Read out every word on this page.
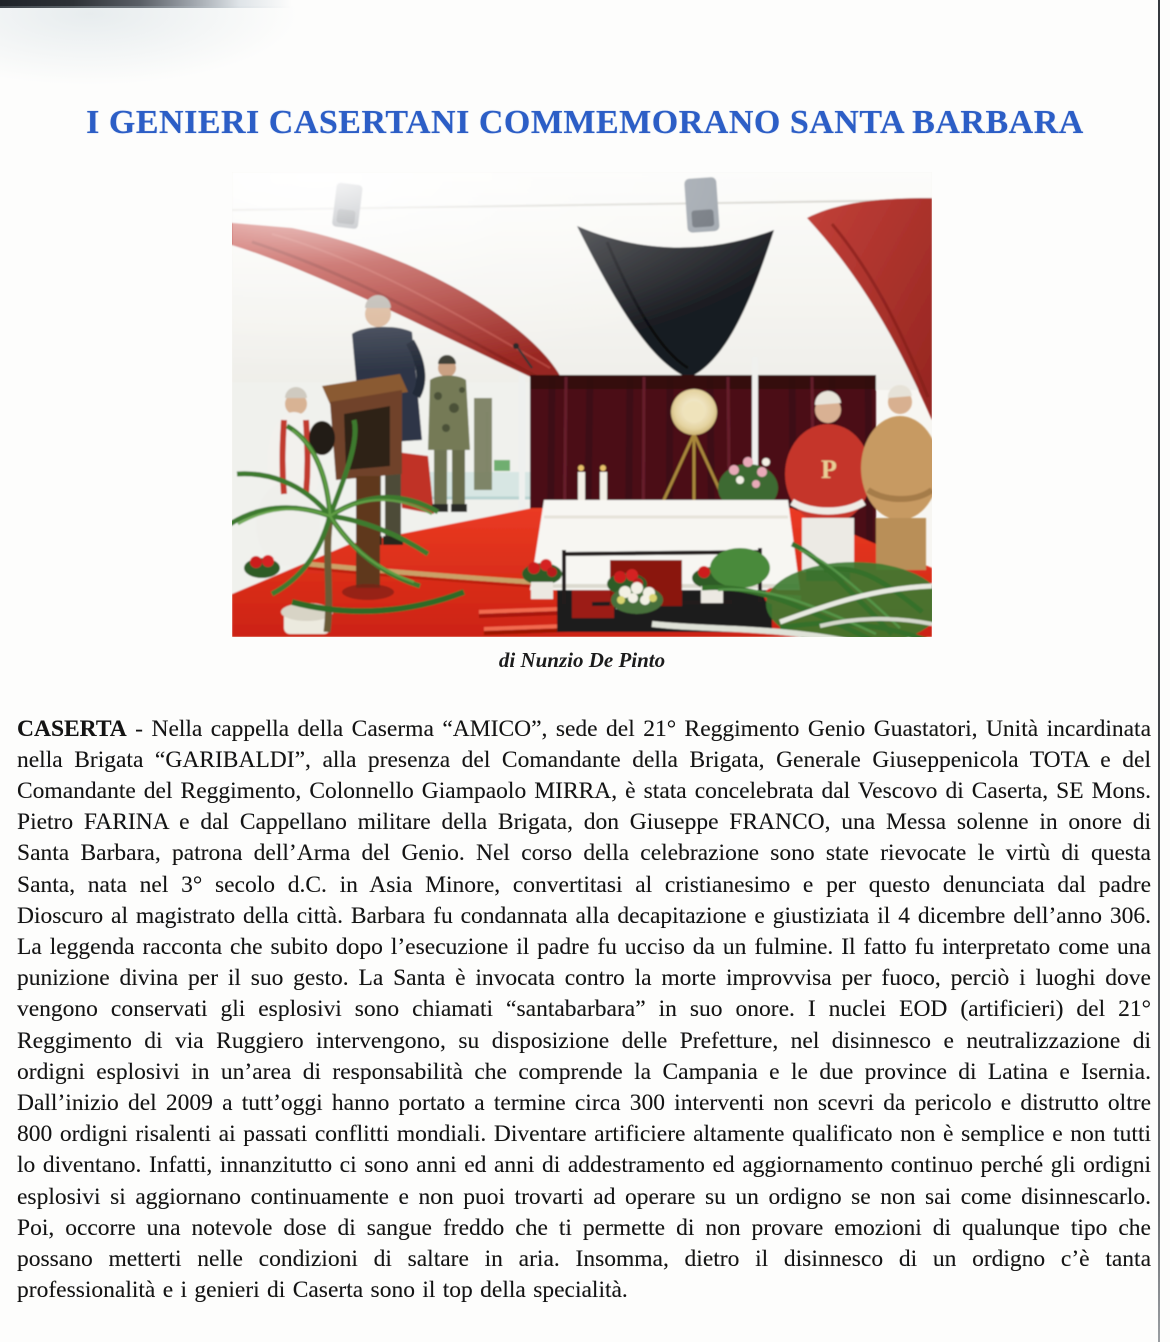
I GENIERI CASERTANI COMMEMORANO SANTA BARBARA
P
di Nunzio De Pinto

CASERTA - Nella cappella della Caserma “AMICO”, sede del 21° Reggimento Genio Guastatori, Unità incardinata nella Brigata “GARIBALDI”, alla presenza del Comandante della Brigata, Generale Giuseppenicola TOTA e del Comandante del Reggimento, Colonnello Giampaolo MIRRA, è stata concelebrata dal Vescovo di Caserta, SE Mons. Pietro FARINA e dal Cappellano militare della Brigata, don Giuseppe FRANCO, una Messa solenne in onore di Santa Barbara, patrona dell’Arma del Genio. Nel corso della celebrazione sono state rievocate le virtù di questa Santa, nata nel 3° secolo d.C. in Asia Minore, convertitasi al cristianesimo e per questo denunciata dal padre Dioscuro al magistrato della città. Barbara fu condannata alla decapitazione e giustiziata il 4 dicembre dell’anno 306. La leggenda racconta che subito dopo l’esecuzione il padre fu ucciso da un fulmine. Il fatto fu interpretato come una punizione divina per il suo gesto. La Santa è invocata contro la morte improvvisa per fuoco, perciò i luoghi dove vengono conservati gli esplosivi sono chiamati “santabarbara” in suo onore. I nuclei EOD (artificieri) del 21° Reggimento di via Ruggiero intervengono, su disposizione delle Prefetture, nel disinnesco e neutralizzazione di ordigni esplosivi in un’area di responsabilità che comprende la Campania e le due province di Latina e Isernia. Dall’inizio del 2009 a tutt’oggi hanno portato a termine circa 300 interventi non scevri da pericolo e distrutto oltre 800 ordigni risalenti ai passati conflitti mondiali. Diventare artificiere altamente qualificato non è semplice e non tutti lo diventano. Infatti, innanzitutto ci sono anni ed anni di addestramento ed aggiornamento continuo perché gli ordigni esplosivi si aggiornano continuamente e non puoi trovarti ad operare su un ordigno se non sai come disinnescarlo. Poi, occorre una notevole dose di sangue freddo che ti permette di non provare emozioni di qualunque tipo che possano metterti nelle condizioni di saltare in aria. Insomma, dietro il disinnesco di un ordigno c’è tanta professionalità e i genieri di Caserta sono il top della specialità.
